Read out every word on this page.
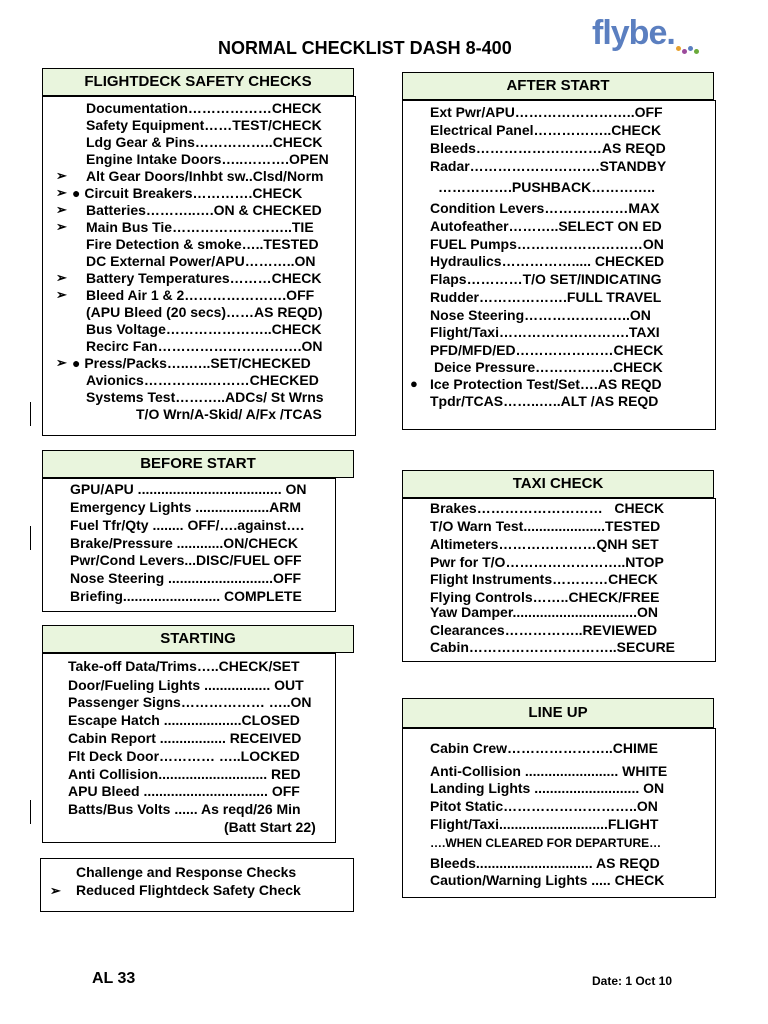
NORMAL CHECKLIST DASH 8-400 flybe.
FLIGHTDECK SAFETY CHECKS
Documentation………………CHECK
Safety Equipment……TEST/CHECK
Ldg Gear & Pins……………..CHECK
Engine Intake Doors…..……….OPEN
Alt Gear Doors/Inhbt sw..Clsd/Norm
● Circuit Breakers………….CHECK
Batteries………..….ON & CHECKED
Main Bus Tie……………………..TIE
Fire Detection & smoke…..TESTED
DC External Power/APU………..ON
Battery Temperatures………CHECK
Bleed Air 1 & 2………………….OFF
(APU Bleed (20 secs)……AS REQD)
Bus Voltage…………………..CHECK
Recirc Fan………………………….ON
● Press/Packs…..…..SET/CHECKED
Avionics…………..………CHECKED
Systems Test………..ADCs/ St Wrns
T/O Wrn/A-Skid/ A/Fx /TCAS
➢
➢
➢
➢
➢
➢
➢
AFTER START
Ext Pwr/APU……………………..OFF
Electrical Panel……………..CHECK
Bleeds………………………AS REQD
Radar……………………….STANDBY
…………….PUSHBACK…………..
Condition Levers………………MAX
Autofeather………..SELECT ON ED
FUEL Pumps………………………ON
Hydraulics……………..... CHECKED
Flaps…………T/O SET/INDICATING
Rudder……………….FULL TRAVEL
Nose Steering…………………..ON
Flight/Taxi……………………….TAXI
PFD/MFD/ED…………………CHECK
Deice Pressure……………..CHECK
Ice Protection Test/Set….AS REQD
Tpdr/TCAS……..…..ALT /AS REQD
●
BEFORE START
GPU/APU ..................................... ON
Emergency Lights ...................ARM
Fuel Tfr/Qty ........ OFF/….against….
Brake/Pressure ............ON/CHECK
Pwr/Cond Levers...DISC/FUEL OFF
Nose Steering ...........................OFF
Briefing......................... COMPLETE
TAXI CHECK
Brakes………………………   CHECK
T/O Warn Test.....................TESTED
Altimeters…………………QNH SET
Pwr for T/O……………………..NTOP
Flight Instruments…………CHECK
Flying Controls……..CHECK/FREE
Yaw Damper................................ON
Clearances……………..REVIEWED
Cabin…………………………..SECURE
STARTING
Take-off Data/Trims…..CHECK/SET
Door/Fueling Lights ................. OUT
Passenger Signs……………… …..ON
Escape Hatch ....................CLOSED
Cabin Report ................. RECEIVED
Flt Deck Door………… …..LOCKED
Anti Collision............................ RED
APU Bleed ................................ OFF
Batts/Bus Volts ...... As reqd/26 Min
(Batt Start 22)
LINE UP
Cabin Crew…………………..CHIME
Anti-Collision ........................ WHITE
Landing Lights ........................... ON
Pitot Static………………………..ON
Flight/Taxi............................FLIGHT
….WHEN CLEARED FOR DEPARTURE…
Bleeds.............................. AS REQD
Caution/Warning Lights ..... CHECK
Challenge and Response Checks
➢ Reduced Flightdeck Safety Check
AL 33	Date: 1 Oct 10
